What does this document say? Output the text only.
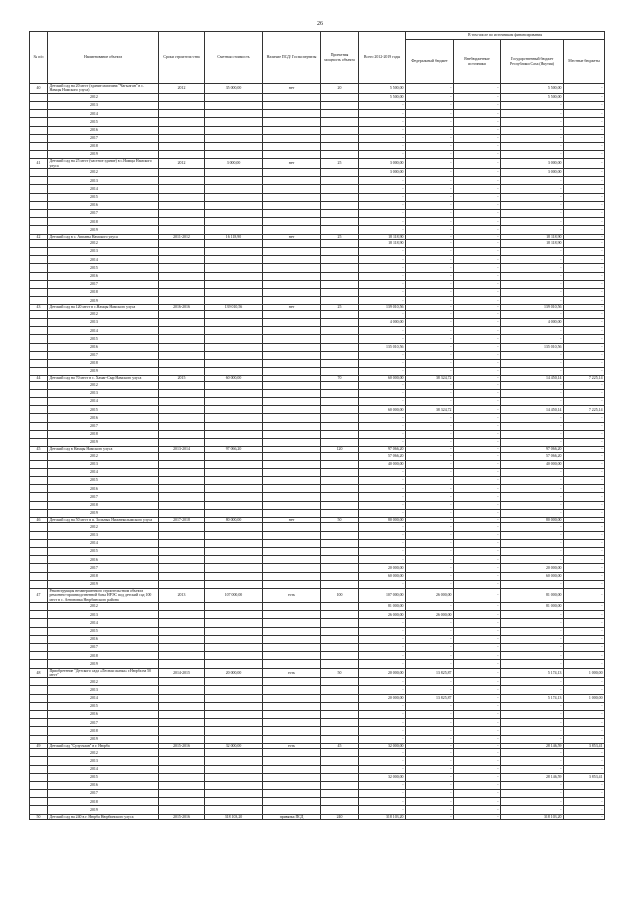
26
№ п/п	Наименование объекта	Сроки строитель-ства	Сметная стоимость	Наличие ПСД/ Госэкспертизы	Проектная мощность объекта	Всего 2012-2019 годы	В том числе по источникам финансирования			
							Федеральный бюджет	Внебюджетные источники	Государственный бюджет Республики Саха (Якутия)	Местные бюджеты
40	Детский сад на 20 мест (здание магазина "Чагылган" в с. Намцы Намского улуса)	2012	35 000,00	нет	20	5 500,00	-	-	5 500,00	-
	2012					5 500,00	-	-	5 500,00	-
	2013					-	-	-	-	-
	2014					-	-	-	-	-
	2015					-	-	-	-	-
	2016					-	-	-	-	-
	2017					-	-	-	-	-
	2018					-	-	-	-	-
	2019					-	-	-	-	-
41	Детский сад на 25 мест (частное здание) в с.Намцы Намского улуса	2012	3 000,00	нет	25	3 000,00	-	-	3 000,00	-
	2012					3 000,00	-	-	3 000,00	-
	2013					-	-	-	-	-
	2014					-	-	-	-	-
	2015					-	-	-	-	-
	2016					-	-	-	-	-
	2017					-	-	-	-	-
	2018					-	-	-	-	-
	2019					-	-	-	-	-
42	Детский сад в с. Аппаны Намского улуса	2011-2012	16 118,90	нет	25	18 118,90	-	-	18 118,90	-
	2012					18 118,90	-	-	18 118,90	-
	2013					-	-	-	-	-
	2014					-	-	-	-	-
	2015					-	-	-	-	-
	2016					-	-	-	-	-
	2017					-	-	-	-	-
	2018					-	-	-	-	-
	2019					-	-	-	-	-
43	Детский сад на 120 мест в с.Намцы Намского улуса	2016-2016	139 010,56	нет	25	139 010,56	-	-	139 010,56	-
	2012					-	-	-	-	-
	2013					4 000,00	-	-	4 000,00	-
	2014					-	-	-	-	-
	2015					-	-	-	-	-
	2016					135 010,56	-	-	135 010,56	-
	2017					-	-	-	-	-
	2018					-	-	-	-	-
	2019					-	-	-	-	-
44	Детский сад на 70 мест в с. Хамаг-Сыр Намского улуса	2015	60 000,00		70	60 000,00	38 324,72	-	14 450,14	7 225,14
	2012					-	-	-	-	-
	2013					-	-	-	-	-
	2014					-	-	-	-	-
	2015					60 000,00	38 324,72	-	14 450,14	7 225,14
	2016					-	-	-	-	-
	2017					-	-	-	-	-
	2018					-	-	-	-	-
	2019					-	-	-	-	-
45	Детский сад в Намцы Намского улуса	2013-2014	97 066,20		120	97 066,20	-	-	97 066,20	-
	2012					57 066,20	-	-	57 066,20	-
	2013					40 000,00	-	-	40 000,00	-
	2014					-	-	-	-	-
	2015					-	-	-	-	-
	2016					-	-	-	-	-
	2017					-	-	-	-	-
	2018					-	-	-	-	-
	2019					-	-	-	-	-
46	Детский сад на 50 мест в п. Зольных Нижнеколымского улуса	2017-2018	80 000,00	нет	50	80 000,00	-	-	80 000,00	-
	2012					-	-	-	-	-
	2013					-	-	-	-	-
	2014					-	-	-	-	-
	2015					-	-	-	-	-
	2016					-	-	-	-	-
	2017					20 000,00	-	-	20 000,00	-
	2018					60 000,00	-	-	60 000,00	-
	2019					-	-	-	-	-
47	Реконструкция незавершенного строительством объекта ремонтно-производственной базы НРЭС под детский сад 100 мест в с. Антоновка Нюрбинского района	2013	107 000,00	есть	100	107 000,00	26 000,00	-	81 000,00	-
	2012					81 000,00	-	-	81 000,00	-
	2013					26 000,00	26 000,00	-	-	-
	2014					-	-	-	-	-
	2015					-	-	-	-	-
	2016					-	-	-	-	-
	2017					-	-	-	-	-
	2018					-	-	-	-	-
	2019					-	-	-	-	-
48	Приобретение "Детского сада «Лесная сказка» г.Нюрба на 50 мест"	2014-2015	20 000,00	есть	50	20 000,00	13 825,87	-	5 174,13	1 000,00
	2012					-	-	-	-	-
	2013					-	-	-	-	-
	2014					20 000,00	13 825,87	-	5 174,13	1 000,00
	2015					-	-	-	-	-
	2016					-	-	-	-	-
	2017					-	-	-	-	-
	2018					-	-	-	-	-
	2019					-	-	-	-	-
49	Детский сад "Сулусчаан" в г. Нюрба	2015-2016	32 000,00	есть	45	32 000,00	-	-	28 146,59	3 853,41
	2012					-	-	-	-	-
	2013					-	-	-	-	-
	2014					-	-	-	-	-
	2015					32 000,00	-	-	28 146,59	3 853,41
	2016					-	-	-	-	-
	2017					-	-	-	-	-
	2018					-	-	-	-	-
	2019					-	-	-	-	-
50	Детский сад на 240 в г. Нюрба Нюрбинского улуса	2015-2016	318 103,20	привязка ПСД	240	318 103,20	-	-	318 103,20	-
